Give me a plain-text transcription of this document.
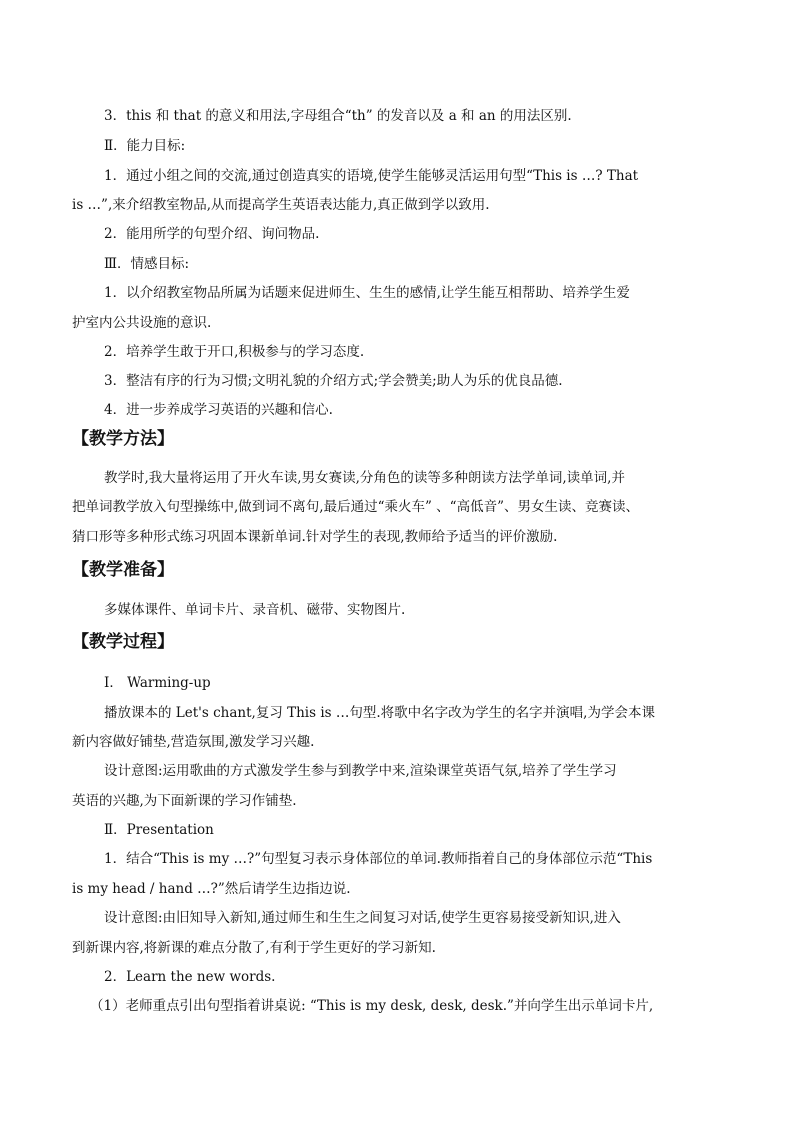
3．this 和 that 的意义和用法,字母组合“th” 的发音以及 a 和 an 的用法区别.
Ⅱ．能力目标:
1．通过小组之间的交流,通过创造真实的语境,使学生能够灵活运用句型“This is …? That
is …”,来介绍教室物品,从而提高学生英语表达能力,真正做到学以致用.
2．能用所学的句型介绍、询问物品.
Ⅲ．情感目标:
1．以介绍教室物品所属为话题来促进师生、生生的感情,让学生能互相帮助、培养学生爱
护室内公共设施的意识.
2．培养学生敢于开口,积极参与的学习态度.
3．整洁有序的行为习惯;文明礼貌的介绍方式;学会赞美;助人为乐的优良品德.
4．进一步养成学习英语的兴趣和信心.
【教学方法】
教学时,我大量将运用了开火车读,男女赛读,分角色的读等多种朗读方法学单词,读单词,并
把单词教学放入句型操练中,做到词不离句,最后通过“乘火车” 、“高低音”、男女生读、竞赛读、
猜口形等多种形式练习巩固本课新单词.针对学生的表现,教师给予适当的评价激励.
【教学准备】
多媒体课件、单词卡片、录音机、磁带、实物图片.
【教学过程】
Ⅰ． Warming-up
播放课本的 Let's chant,复习 This is …句型.将歌中名字改为学生的名字并演唱,为学会本课
新内容做好铺垫,营造氛围,激发学习兴趣.
设计意图:运用歌曲的方式激发学生参与到教学中来,渲染课堂英语气氛,培养了学生学习
英语的兴趣,为下面新课的学习作铺垫.
Ⅱ．Presentation
1．结合“This is my …?”句型复习表示身体部位的单词.教师指着自己的身体部位示范“This
is my head / hand …?”然后请学生边指边说.
设计意图:由旧知导入新知,通过师生和生生之间复习对话,使学生更容易接受新知识,进入
到新课内容,将新课的难点分散了,有利于学生更好的学习新知.
2．Learn the new words.
（1）老师重点引出句型指着讲桌说: “This is my desk, desk, desk.”并向学生出示单词卡片,
